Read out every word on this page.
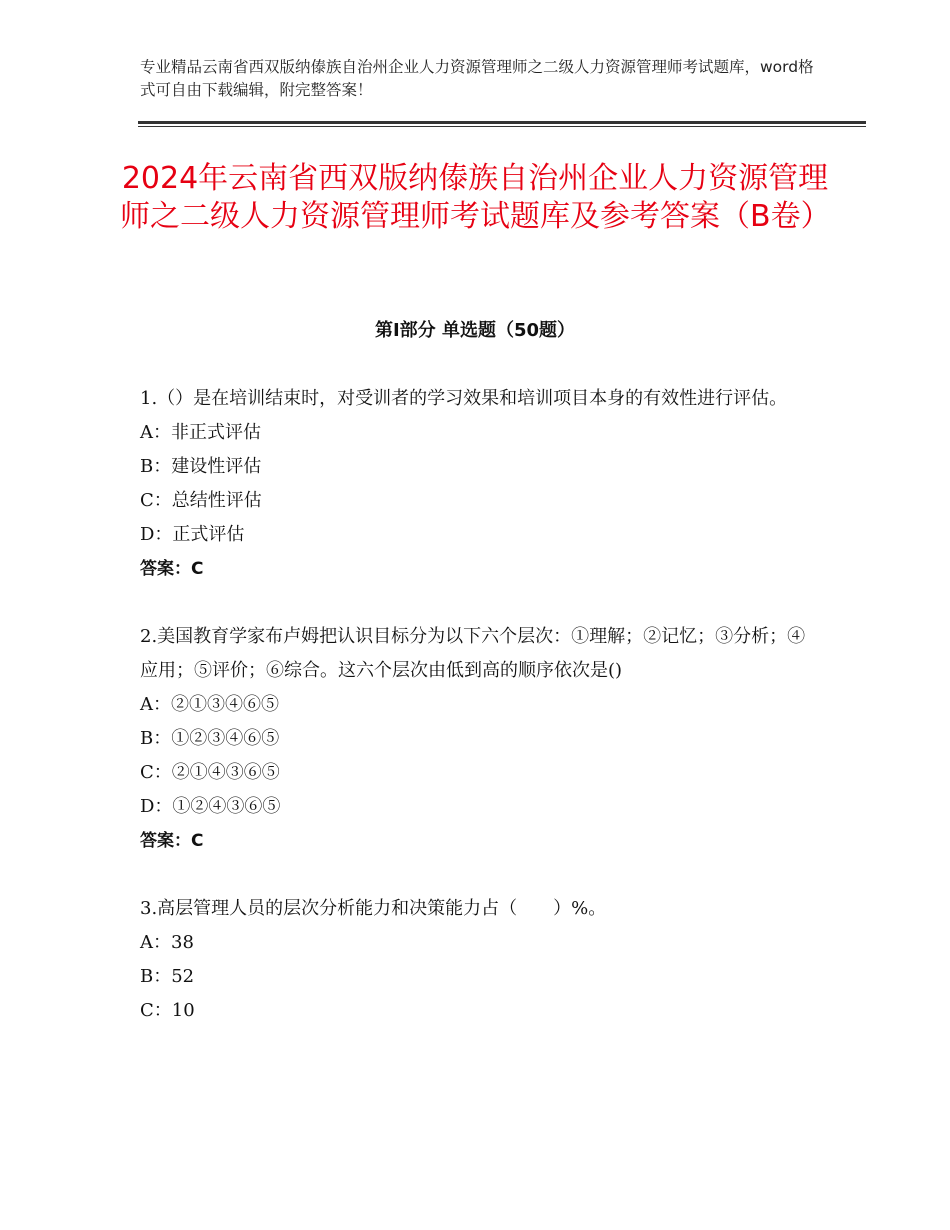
专业精品云南省西双版纳傣族自治州企业人力资源管理师之二级人力资源管理师考试题库，word格式可自由下载编辑，附完整答案！
2024年云南省西双版纳傣族自治州企业人力资源管理师之二级人力资源管理师考试题库及参考答案（B卷）
第Ⅰ部分 单选题（50题）
1.（）是在培训结束时，对受训者的学习效果和培训项目本身的有效性进行评估。
A：非正式评估
B：建设性评估
C：总结性评估
D：正式评估
答案：C
2.美国教育学家布卢姆把认识目标分为以下六个层次：①理解；②记忆；③分析；④应用；⑤评价；⑥综合。这六个层次由低到高的顺序依次是()
A：②①③④⑥⑤
B：①②③④⑥⑤
C：②①④③⑥⑤
D：①②④③⑥⑤
答案：C
3.高层管理人员的层次分析能力和决策能力占（　　）%。
A：38
B：52
C：10
